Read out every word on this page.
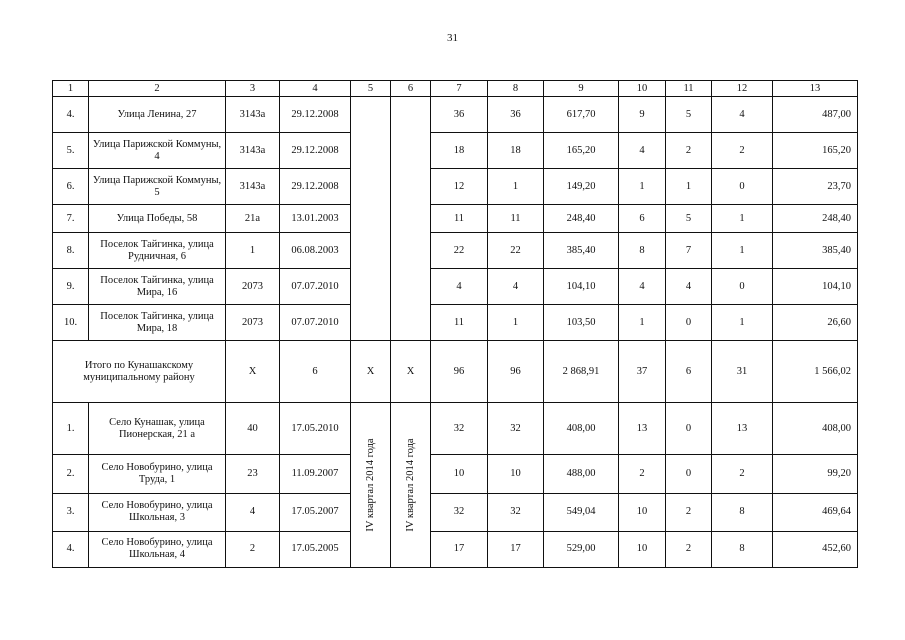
31
1	2	3	4	5	6	7	8	9	10	11	12	13
4.	Улица Ленина, 27	3143а	29.12.2008			36	36	617,70	9	5	4	487,00
5.	Улица Парижской Коммуны, 4	3143а	29.12.2008			18	18	165,20	4	2	2	165,20
6.	Улица Парижской Коммуны, 5	3143а	29.12.2008			12	1	149,20	1	1	0	23,70
7.	Улица Победы, 58	21а	13.01.2003			11	11	248,40	6	5	1	248,40
8.	Поселок Тайгинка, улица Рудничная, 6	1	06.08.2003			22	22	385,40	8	7	1	385,40
9.	Поселок Тайгинка, улица Мира, 16	2073	07.07.2010			4	4	104,10	4	4	0	104,10
10.	Поселок Тайгинка, улица Мира, 18	2073	07.07.2010			11	1	103,50	1	0	1	26,60
Итого по Кунашакскому муниципальному району		Х	6	Х	Х	96	96	2 868,91	37	6	31	1 566,02
1.	Село Кунашак, улица Пионерская, 21 а	40	17.05.2010	IV квартал 2014 года	IV квартал 2014 года	32	32	408,00	13	0	13	408,00
2.	Село Новобурино, улица Труда, 1	23	11.09.2007			10	10	488,00	2	0	2	99,20
3.	Село Новобурино, улица Школьная, 3	4	17.05.2007			32	32	549,04	10	2	8	469,64
4.	Село Новобурино, улица Школьная, 4	2	17.05.2005			17	17	529,00	10	2	8	452,60
